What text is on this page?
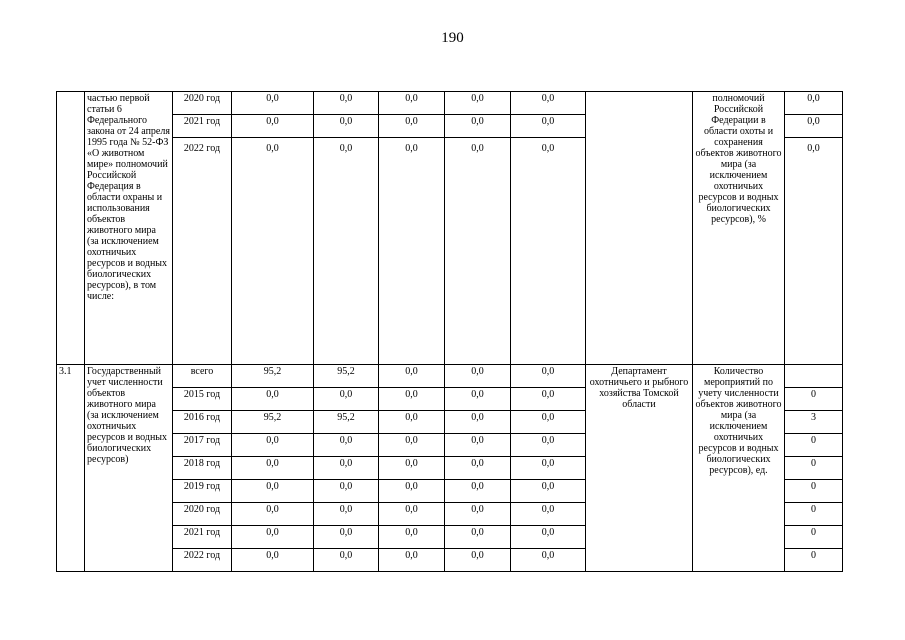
190
	частью первой статьи 6 Федерального закона от 24 апреля 1995 года № 52-ФЗ «О животном мире» полномочий Российской Федерация в области охраны и использования объектов животного мира (за исключением охотничьих ресурсов и водных биологических ресурсов), в том числе:	2020 год	0,0	0,0	0,0	0,0	0,0		полномочий Российской Федерации в области охоты и сохранения объектов животного мира (за исключением охотничьих ресурсов и водных биологических ресурсов), %	0,0
		2021 год	0,0	0,0	0,0	0,0	0,0			0,0
		2022 год	0,0	0,0	0,0	0,0	0,0			0,0
3.1	Государственный учет численности объектов животного мира (за исключением охотничьих ресурсов и водных биологических ресурсов)	всего	95,2	95,2	0,0	0,0	0,0	Департамент охотничьего и рыбного хозяйства Томской области	Количество мероприятий по учету численности объектов животного мира (за исключением охотничьих ресурсов и водных биологических ресурсов), ед.	
		2015 год	0,0	0,0	0,0	0,0	0,0			0
		2016 год	95,2	95,2	0,0	0,0	0,0			3
		2017 год	0,0	0,0	0,0	0,0	0,0			0
		2018 год	0,0	0,0	0,0	0,0	0,0			0
		2019 год	0,0	0,0	0,0	0,0	0,0			0
		2020 год	0,0	0,0	0,0	0,0	0,0			0
		2021 год	0,0	0,0	0,0	0,0	0,0			0
		2022 год	0,0	0,0	0,0	0,0	0,0			0
